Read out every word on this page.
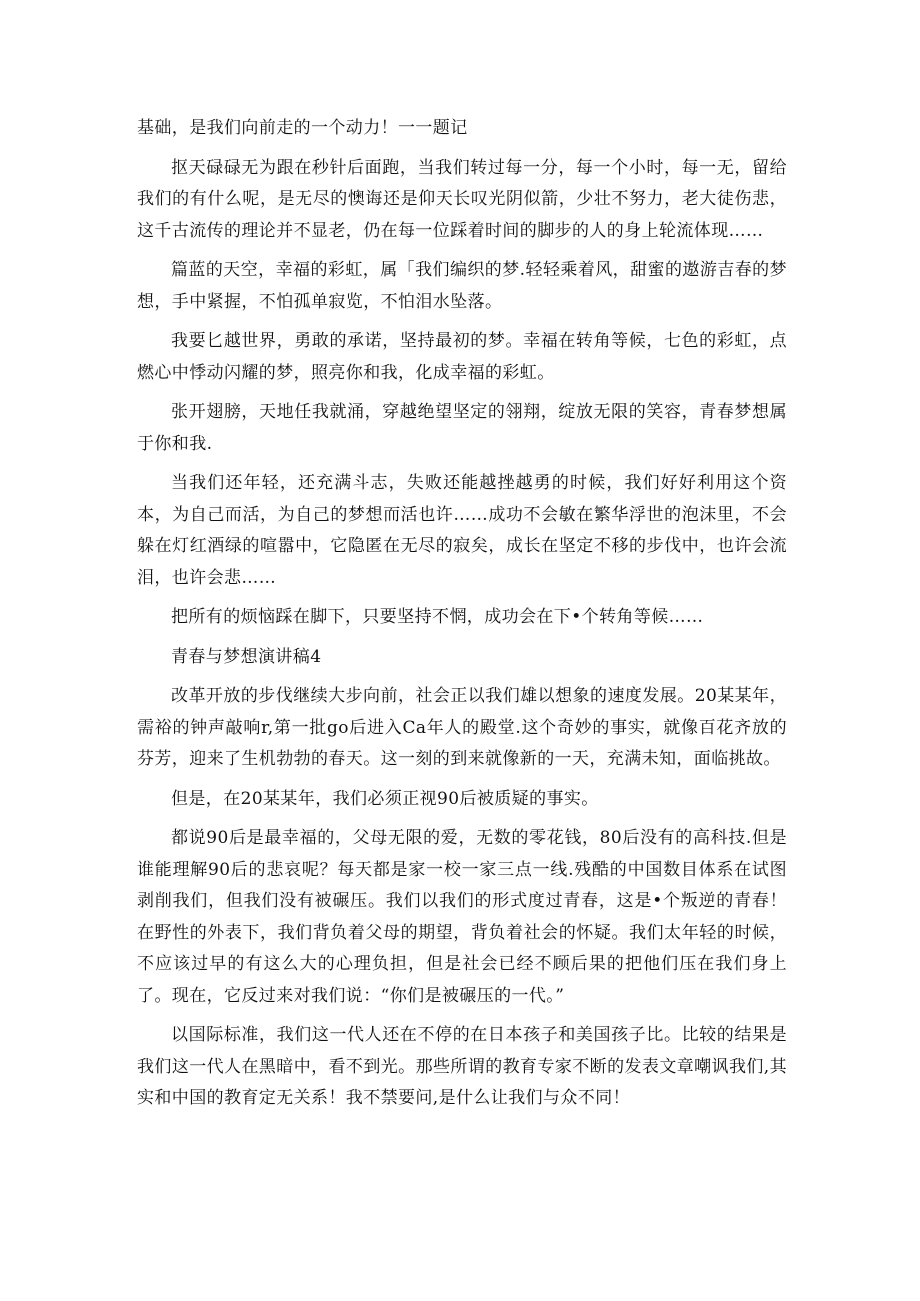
基础，是我们向前走的一个动力！一一题记

抠天碌碌无为跟在秒针后面跑，当我们转过每一分，每一个小时，每一无，留给我们的有什么呢，是无尽的懊诲还是仰天长叹光阴似箭，少壮不努力，老大徒伤悲，这千古流传的理论并不显老，仍在每一位踩着时间的脚步的人的身上轮流体现……

篇蓝的天空，幸福的彩虹，属「我们编织的梦.轻轻乘着风，甜蜜的遨游吉春的梦想，手中紧握，不怕孤单寂览，不怕泪水坠落。

我要匕越世界，勇敢的承诺，坚持最初的梦。幸福在转角等候，七色的彩虹，点燃心中悸动闪耀的梦，照亮你和我，化成幸福的彩虹。

张开翅膀，天地任我就涌，穿越绝望坚定的翎翔，绽放无限的笑容，青春梦想属于你和我.

当我们还年轻，还充满斗志，失败还能越挫越勇的时候，我们好好利用这个资本，为自己而活，为自己的梦想而活也许……成功不会敏在繁华浮世的泡沫里，不会躲在灯红酒绿的喧嚣中，它隐匿在无尽的寂矣，成长在坚定不移的步伐中，也许会流泪，也许会悲……

把所有的烦恼踩在脚下，只要坚持不惘，成功会在下•个转角等候……

青春与梦想演讲稿4

改革开放的步伐继续大步向前，社会正以我们雄以想象的速度发展。20某某年，需裕的钟声敲响r,第一批go后进入Ca年人的殿堂.这个奇妙的事实，就像百花齐放的芬芳，迎来了生机勃勃的春天。这一刻的到来就像新的一天，充满未知，面临挑故。

但是，在20某某年，我们必须正视90后被质疑的事实。

都说90后是最幸福的，父母无限的爱，无数的零花钱，80后没有的高科技.但是谁能理解90后的悲哀呢？每天都是家一校一家三点一线.残酷的中国数目体系在试图剥削我们，但我们没有被碾压。我们以我们的形式度过青春，这是•个叛逆的青春！在野性的外表下，我们背负着父母的期望，背负着社会的怀疑。我们太年轻的时候，不应该过早的有这么大的心理负担，但是社会已经不顾后果的把他们压在我们身上了。现在，它反过来对我们说：“你们是被碾压的一代。”

以国际标准，我们这一代人还在不停的在日本孩子和美国孩子比。比较的结果是我们这一代人在黑暗中，看不到光。那些所谓的教育专家不断的发表文章嘲讽我们,其实和中国的教育定无关系！我不禁要问,是什么让我们与众不同！
